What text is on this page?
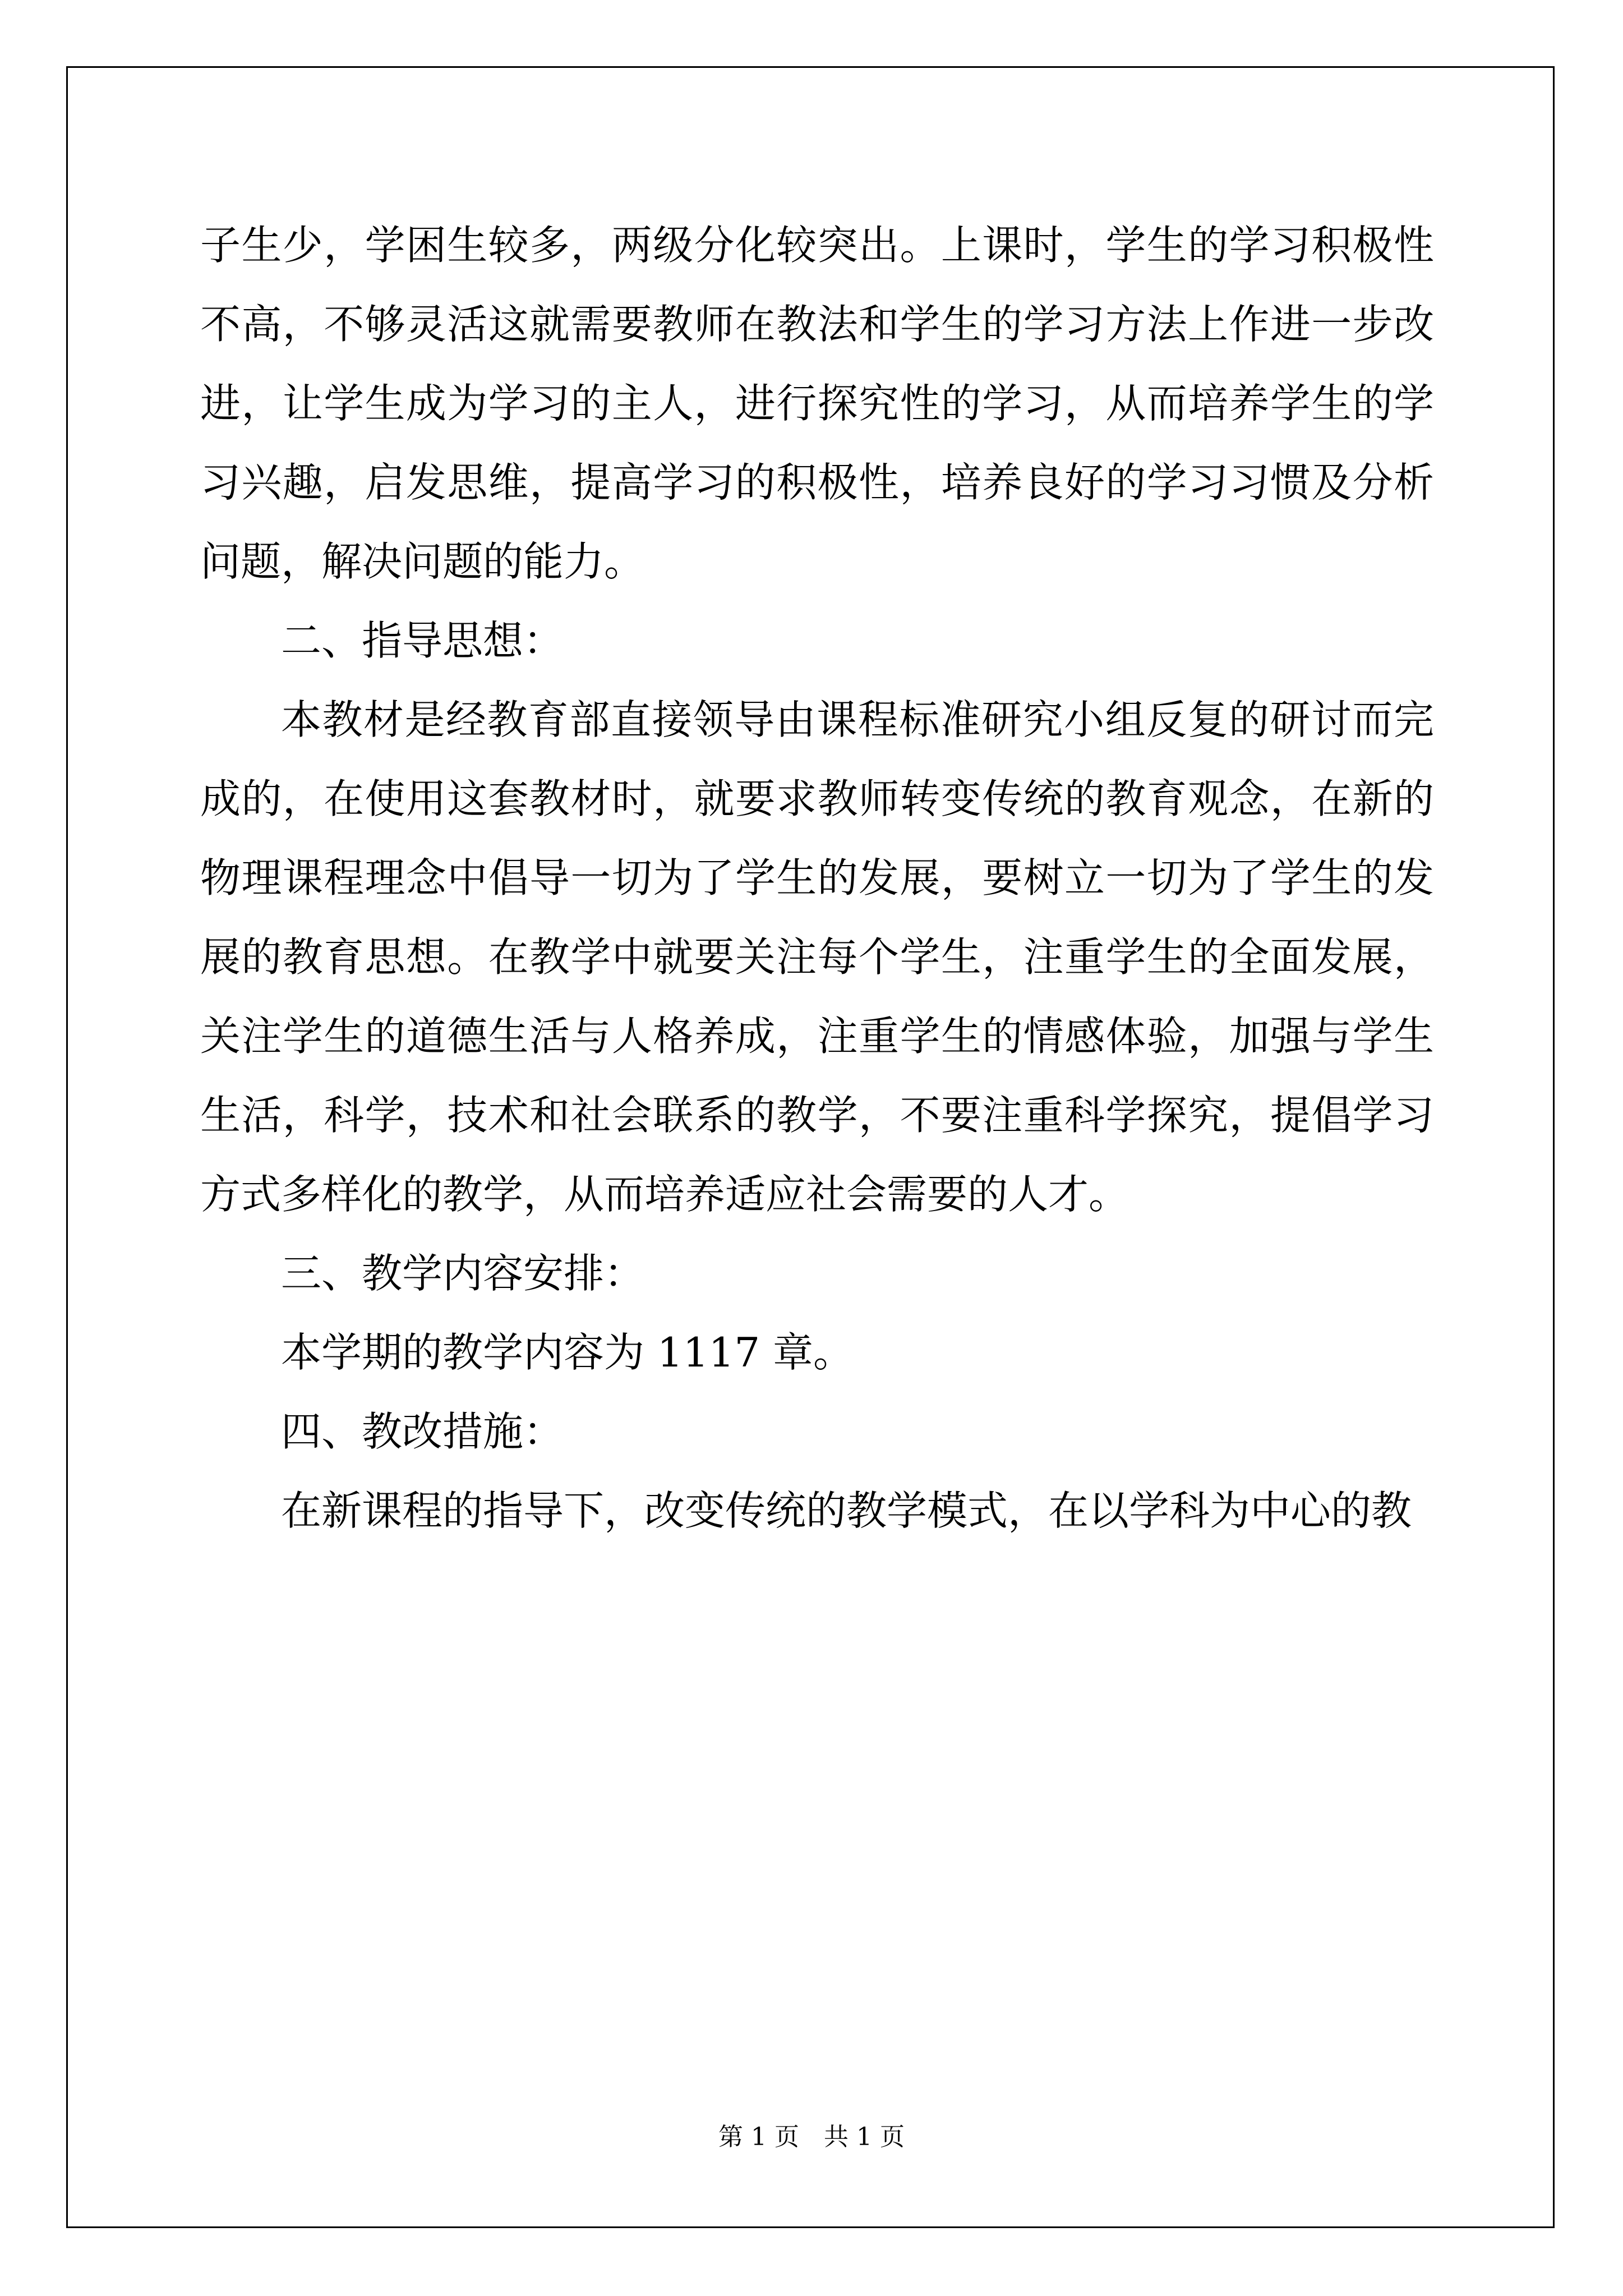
子生少，学困生较多，两级分化较突出。上课时，学生的学习积极性不高，不够灵活这就需要教师在教法和学生的学习方法上作进一步改进，让学生成为学习的主人，进行探究性的学习，从而培养学生的学习兴趣，启发思维，提高学习的积极性，培养良好的学习习惯及分析问题，解决问题的能力。

二、指导思想：

本教材是经教育部直接领导由课程标准研究小组反复的研讨而完成的，在使用这套教材时，就要求教师转变传统的教育观念，在新的物理课程理念中倡导一切为了学生的发展，要树立一切为了学生的发展的教育思想。在教学中就要关注每个学生，注重学生的全面发展，关注学生的道德生活与人格养成，注重学生的情感体验，加强与学生生活，科学，技术和社会联系的教学，不要注重科学探究，提倡学习方式多样化的教学，从而培养适应社会需要的人才。

三、教学内容安排：

本学期的教学内容为 1117 章。

四、教改措施：

在新课程的指导下，改变传统的教学模式，在以学科为中心的教

第 1 页 共 1 页
